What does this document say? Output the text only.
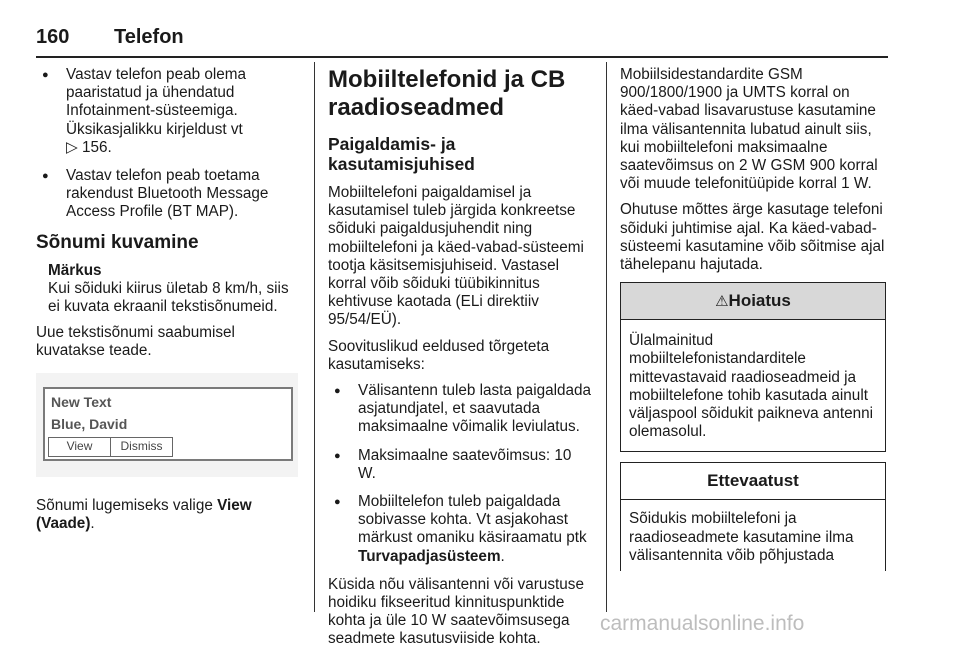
160 Telefon
● Vastav telefon peab olema paaristatud ja ühendatud Infotainment-süsteemiga. Üksikasjalikku kirjeldust vt
▷ 156.
● Vastav telefon peab toetama rakendust Bluetooth Message Access Profile (BT MAP).
Sõnumi kuvamine
Märkus
Kui sõiduki kiirus ületab 8 km/h, siis ei kuvata ekraanil tekstisõnumeid.

Uue tekstisõnumi saabumisel kuvatakse teade.

New Text
Blue, David
View	Dismiss

Sõnumi lugemiseks valige View (Vaade).

Mobiiltelefonid ja CB raadioseadmed
Paigaldamis- ja kasutamisjuhised

Mobiiltelefoni paigaldamisel ja kasutamisel tuleb järgida konkreetse sõiduki paigaldusjuhendit ning mobiiltelefoni ja käed-vabad-süsteemi tootja käsitsemisjuhiseid. Vastasel korral võib sõiduki tüübikinnitus kehtivuse kaotada (ELi direktiiv 95/54/EÜ).

Soovituslikud eeldused tõrgeteta kasutamiseks:

● Välisantenn tuleb lasta paigaldada asjatundjatel, et saavutada maksimaalne võimalik leviulatus.
● Maksimaalne saatevõimsus: 10 W.
● Mobiiltelefon tuleb paigaldada sobivasse kohta. Vt asjakohast märkust omaniku käsiraamatu ptk Turvapadjasüsteem.

Küsida nõu välisantenni või varustuse hoidiku fikseeritud kinnituspunktide kohta ja üle 10 W saatevõimsusega seadmete kasutusviiside kohta.

Mobiilsidestandardite GSM 900/1800/1900 ja UMTS korral on käed-vabad lisavarustuse kasutamine ilma välisantennita lubatud ainult siis, kui mobiiltelefoni maksimaalne saatevõimsus on 2 W GSM 900 korral või muude telefonitüüpide korral 1 W.

Ohutuse mõttes ärge kasutage telefoni sõiduki juhtimise ajal. Ka käed-vabad-süsteemi kasutamine võib sõitmise ajal tähelepanu hajutada.

⚠Hoiatus
Ülalmainitud mobiiltelefonistandarditele mittevastavaid raadioseadmeid ja mobiiltelefone tohib kasutada ainult väljaspool sõidukit paikneva antenni olemasolul.
Ettevaatust
Sõidukis mobiiltelefoni ja raadioseadmete kasutamine ilma välisantennita võib põhjustada
carmanualsonline.info
